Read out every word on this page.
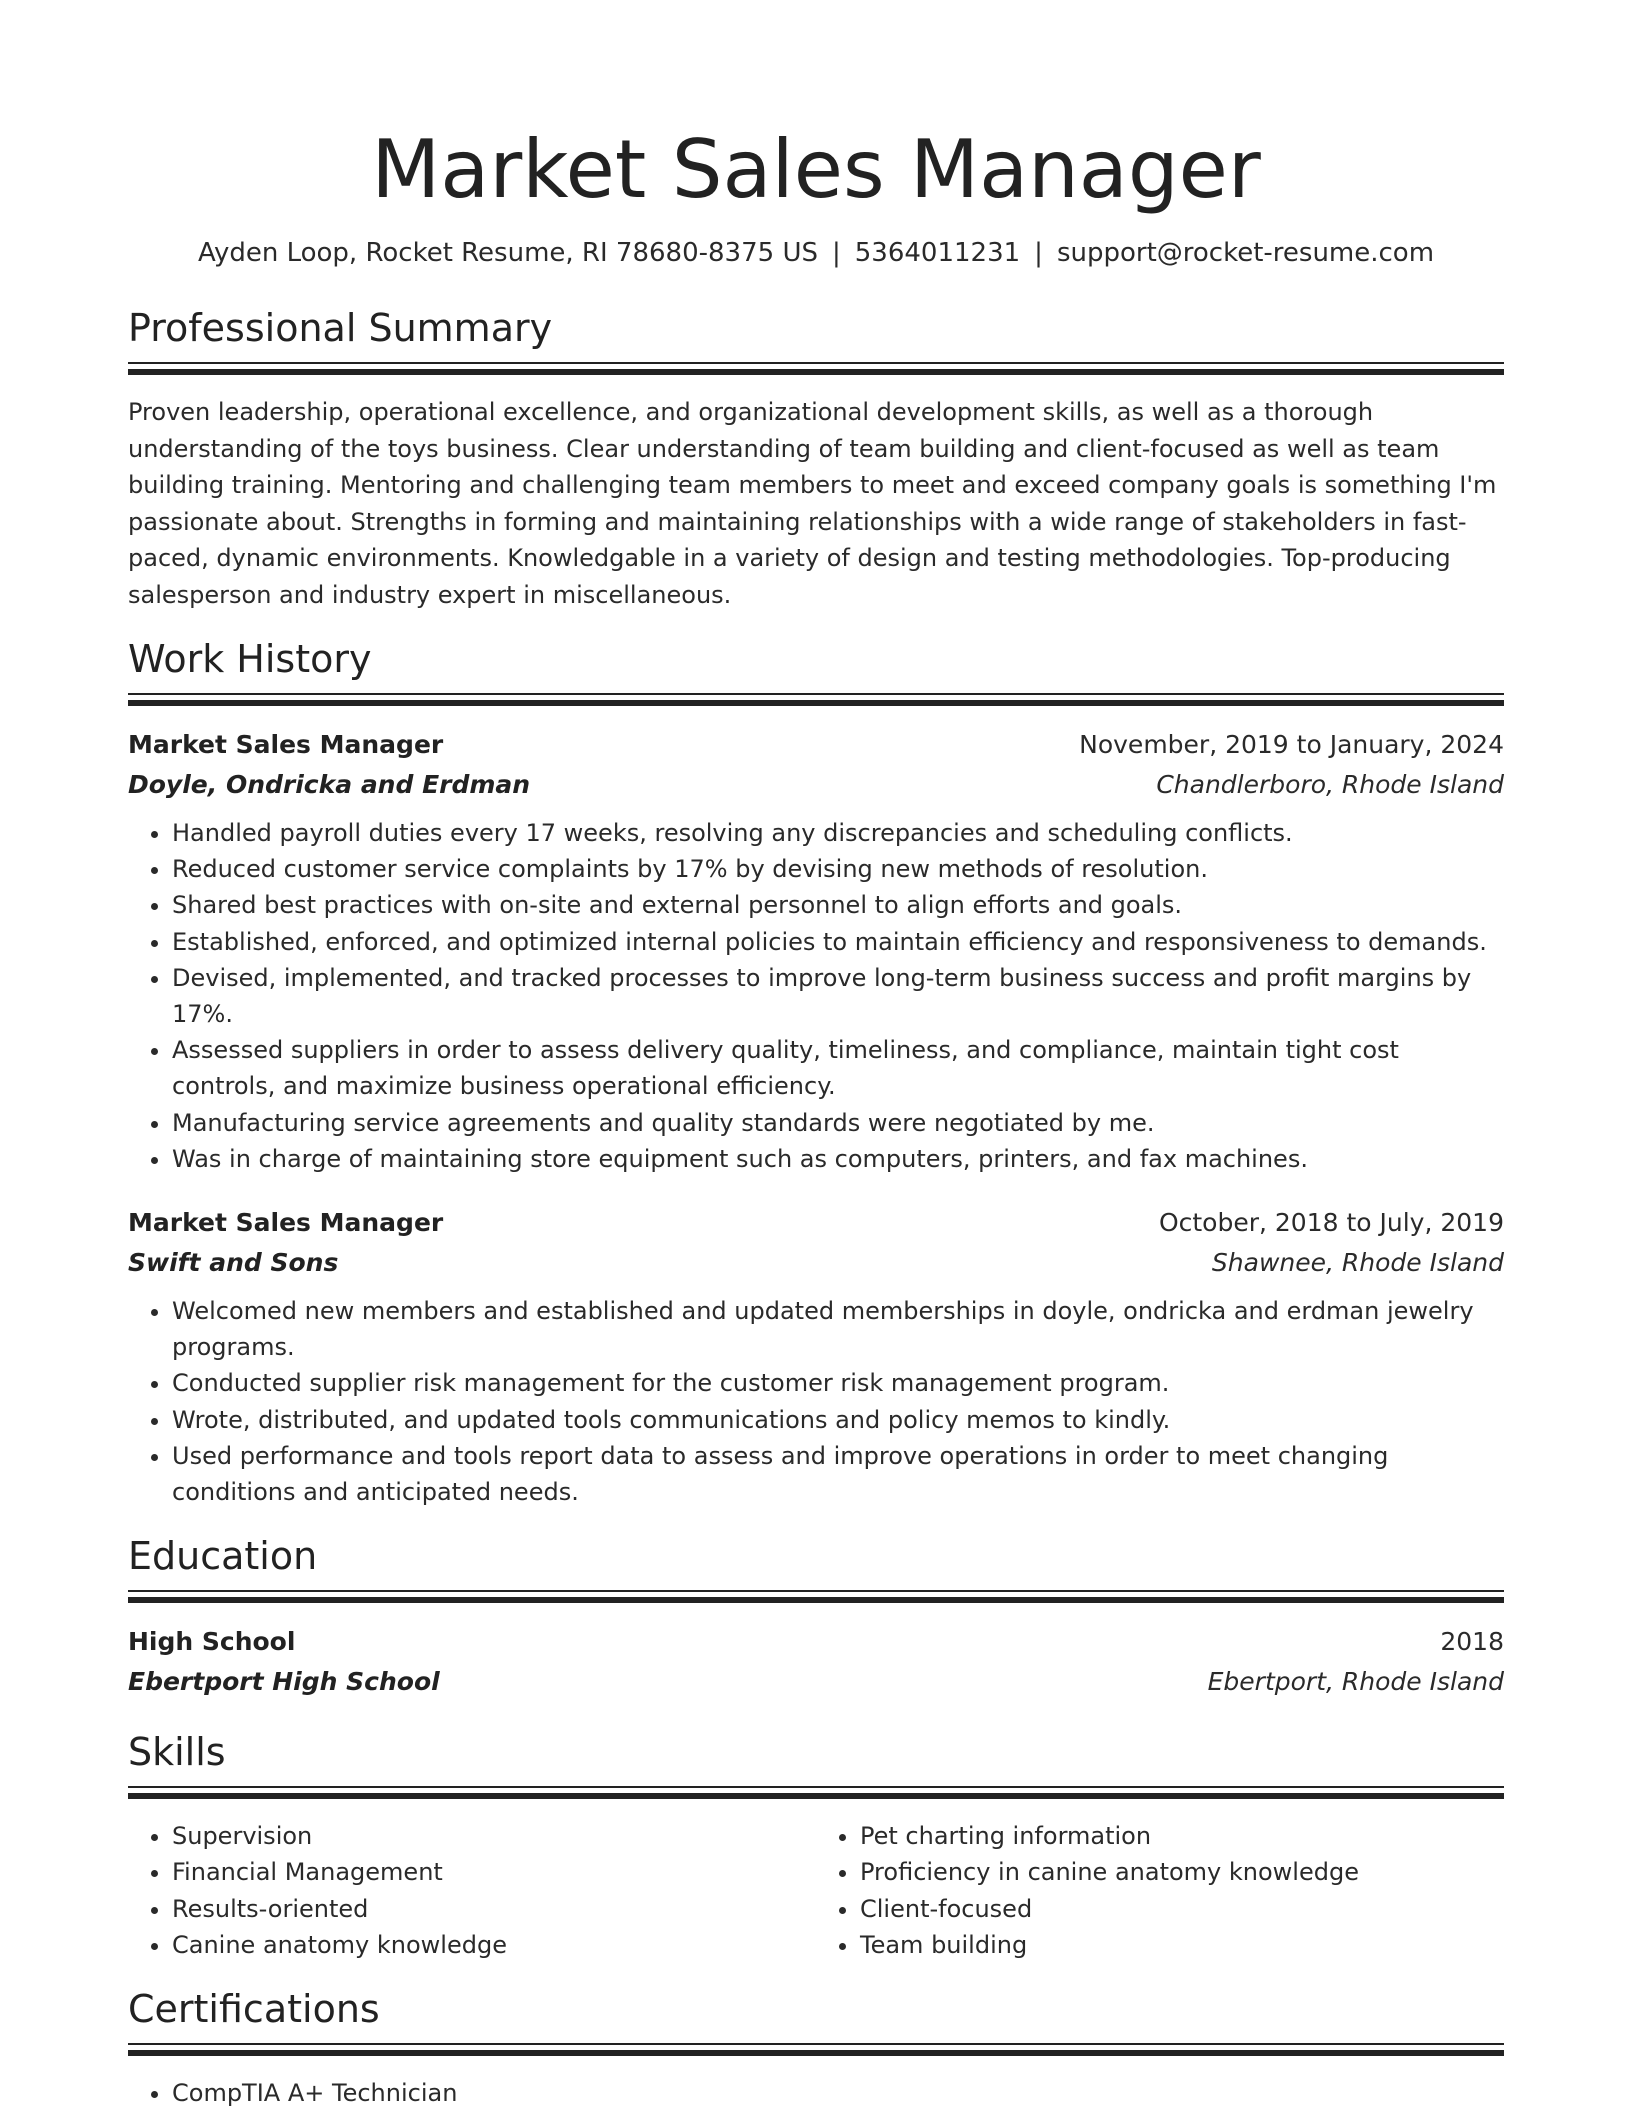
Market Sales Manager
Ayden Loop, Rocket Resume, RI 78680-8375 US | 5364011231 | support@rocket-resume.com
Professional Summary

Proven leadership, operational excellence, and organizational development skills, as well as a thorough understanding of the toys business. Clear understanding of team building and client-focused as well as team building training. Mentoring and challenging team members to meet and exceed company goals is something I'm passionate about. Strengths in forming and maintaining relationships with a wide range of stakeholders in fast-paced, dynamic environments. Knowledgable in a variety of design and testing methodologies. Top-producing salesperson and industry expert in miscellaneous.

Work History
Market Sales Manager	November, 2019 to January, 2024
Doyle, Ondricka and Erdman	Chandlerboro, Rhode Island
• Handled payroll duties every 17 weeks, resolving any discrepancies and scheduling conflicts.
• Reduced customer service complaints by 17% by devising new methods of resolution.
• Shared best practices with on-site and external personnel to align efforts and goals.
• Established, enforced, and optimized internal policies to maintain efficiency and responsiveness to demands.
• Devised, implemented, and tracked processes to improve long-term business success and profit margins by 17%.
• Assessed suppliers in order to assess delivery quality, timeliness, and compliance, maintain tight cost controls, and maximize business operational efficiency.
• Manufacturing service agreements and quality standards were negotiated by me.
• Was in charge of maintaining store equipment such as computers, printers, and fax machines.
Market Sales Manager	October, 2018 to July, 2019
Swift and Sons	Shawnee, Rhode Island
• Welcomed new members and established and updated memberships in doyle, ondricka and erdman jewelry programs.
• Conducted supplier risk management for the customer risk management program.
• Wrote, distributed, and updated tools communications and policy memos to kindly.
• Used performance and tools report data to assess and improve operations in order to meet changing conditions and anticipated needs.
Education
High School	2018
Ebertport High School	Ebertport, Rhode Island
Skills
• Supervision
• Financial Management
• Results-oriented
• Canine anatomy knowledge
• Pet charting information
• Proficiency in canine anatomy knowledge
• Client-focused
• Team building
Certifications
• CompTIA A+ Technician
